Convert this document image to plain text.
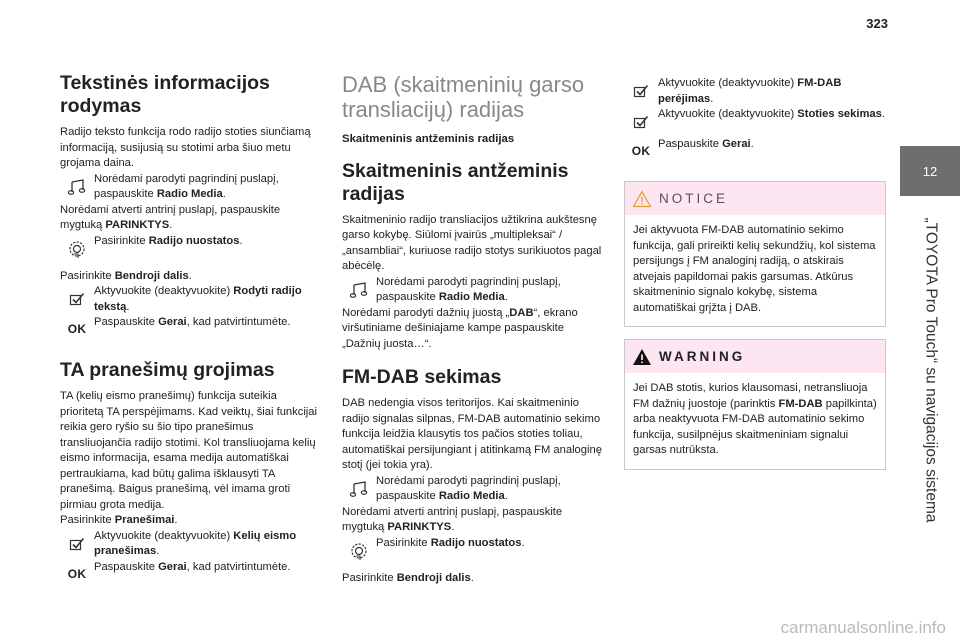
323
12
„TOYOTA Pro Touch“ su navigacijos sistema
Tekstinės informacijos rodymas

Radijo teksto funkcija rodo radijo stoties siunčiamą informaciją, susijusią su stotimi arba šiuo metu grojama daina.

Norėdami parodyti pagrindinį puslapį, paspauskite Radio Media.

Norėdami atverti antrinį puslapį, paspauskite mygtuką PARINKTYS.

Pasirinkite Radijo nuostatos.

Pasirinkite Bendroji dalis.

Aktyvuokite (deaktyvuokite) Rodyti radijo tekstą.

OK

Paspauskite Gerai, kad patvirtintumėte.

TA pranešimų grojimas

TA (kelių eismo pranešimų) funkcija suteikia prioritetą TA perspėjimams. Kad veiktų, šiai funkcijai reikia gero ryšio su šio tipo pranešimus transliuojančia radijo stotimi. Kol transliuojama kelių eismo informacija, esama medija automatiškai pertraukiama, kad būtų galima išklausyti TA pranešimą. Baigus pranešimą, vėl imama groti pirmiau grota medija.

Pasirinkite Pranešimai.

Aktyvuokite (deaktyvuokite) Kelių eismo pranešimas.

OK

Paspauskite Gerai, kad patvirtintumėte.

DAB (skaitmeninių garso transliacijų) radijas
Skaitmeninis antžeminis radijas
Skaitmeninis antžeminis radijas

Skaitmeninio radijo transliacijos užtikrina aukštesnę garso kokybę. Siūlomi įvairūs „multipleksai“ / „ansambliai“, kuriuose radijo stotys surikiuotos pagal abėcėlę.

Norėdami parodyti pagrindinį puslapį, paspauskite Radio Media.

Norėdami parodyti dažnių juostą „DAB“, ekrano viršutiniame dešiniajame kampe paspauskite „Dažnių juosta…“.

FM-DAB sekimas

DAB nedengia visos teritorijos. Kai skaitmeninio radijo signalas silpnas, FM-DAB automatinio sekimo funkcija leidžia klausytis tos pačios stoties toliau, automatiškai persijungiant į atitinkamą FM analoginę stotį (jei tokia yra).

Norėdami parodyti pagrindinį puslapį, paspauskite Radio Media.

Norėdami atverti antrinį puslapį, paspauskite mygtuką PARINKTYS.

Pasirinkite Radijo nuostatos.

Pasirinkite Bendroji dalis.

Aktyvuokite (deaktyvuokite) FM-DAB perėjimas.

Aktyvuokite (deaktyvuokite) Stoties sekimas.

OK

Paspauskite Gerai.

NOTICE
Jei aktyvuota FM-DAB automatinio sekimo funkcija, gali prireikti kelių sekundžių, kol sistema persijungs į FM analoginį radiją, o atskirais atvejais papildomai pakis garsumas. Atkūrus skaitmeninio signalo kokybę, sistema automatiškai grįžta į DAB.
WARNING
Jei DAB stotis, kurios klausomasi, netransliuoja FM dažnių juostoje (parinktis FM-DAB papilkinta) arba neaktyvuota FM-DAB automatinio sekimo funkcija, susilpnėjus skaitmeniniam signalui garsas nutrūksta.
carmanualsonline.info
